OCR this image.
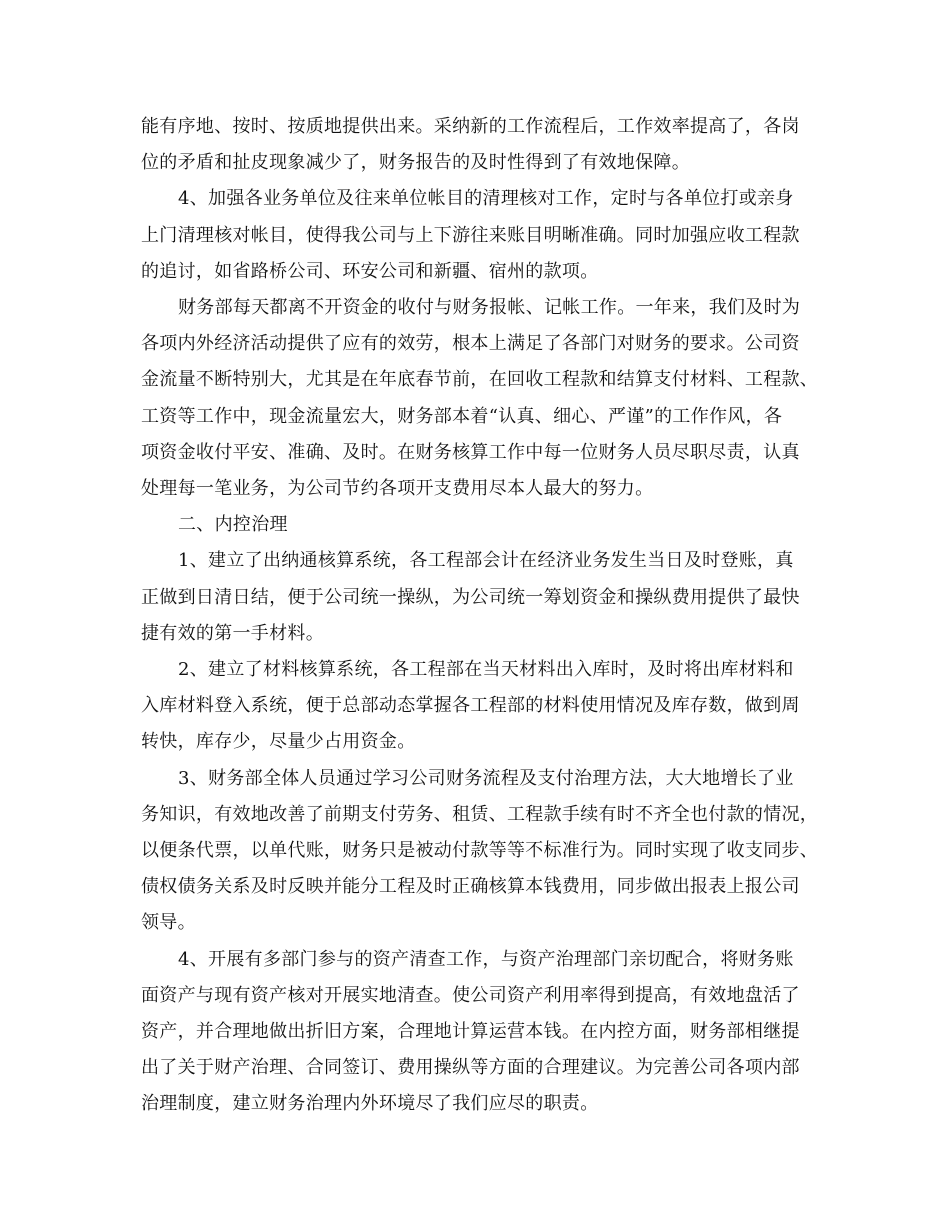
能有序地、按时、按质地提供出来。采纳新的工作流程后，工作效率提高了，各岗
位的矛盾和扯皮现象减少了，财务报告的及时性得到了有效地保障。

4、加强各业务单位及往来单位帐目的清理核对工作，定时与各单位打或亲身
上门清理核对帐目，使得我公司与上下游往来账目明晰准确。同时加强应收工程款
的追讨，如省路桥公司、环安公司和新疆、宿州的款项。

财务部每天都离不开资金的收付与财务报帐、记帐工作。一年来，我们及时为
各项内外经济活动提供了应有的效劳，根本上满足了各部门对财务的要求。公司资
金流量不断特别大，尤其是在年底春节前，在回收工程款和结算支付材料、工程款、
工资等工作中，现金流量宏大，财务部本着“认真、细心、严谨”的工作作风，各
项资金收付平安、准确、及时。在财务核算工作中每一位财务人员尽职尽责，认真
处理每一笔业务，为公司节约各项开支费用尽本人最大的努力。

二、内控治理

1、建立了出纳通核算系统，各工程部会计在经济业务发生当日及时登账，真
正做到日清日结，便于公司统一操纵，为公司统一筹划资金和操纵费用提供了最快
捷有效的第一手材料。

2、建立了材料核算系统，各工程部在当天材料出入库时，及时将出库材料和
入库材料登入系统，便于总部动态掌握各工程部的材料使用情况及库存数，做到周
转快，库存少，尽量少占用资金。

3、财务部全体人员通过学习公司财务流程及支付治理方法，大大地增长了业
务知识，有效地改善了前期支付劳务、租赁、工程款手续有时不齐全也付款的情况，
以便条代票，以单代账，财务只是被动付款等等不标准行为。同时实现了收支同步、
债权债务关系及时反映并能分工程及时正确核算本钱费用，同步做出报表上报公司
领导。

4、开展有多部门参与的资产清查工作，与资产治理部门亲切配合，将财务账
面资产与现有资产核对开展实地清查。使公司资产利用率得到提高，有效地盘活了
资产，并合理地做出折旧方案，合理地计算运营本钱。在内控方面，财务部相继提
出了关于财产治理、合同签订、费用操纵等方面的合理建议。为完善公司各项内部
治理制度，建立财务治理内外环境尽了我们应尽的职责。
